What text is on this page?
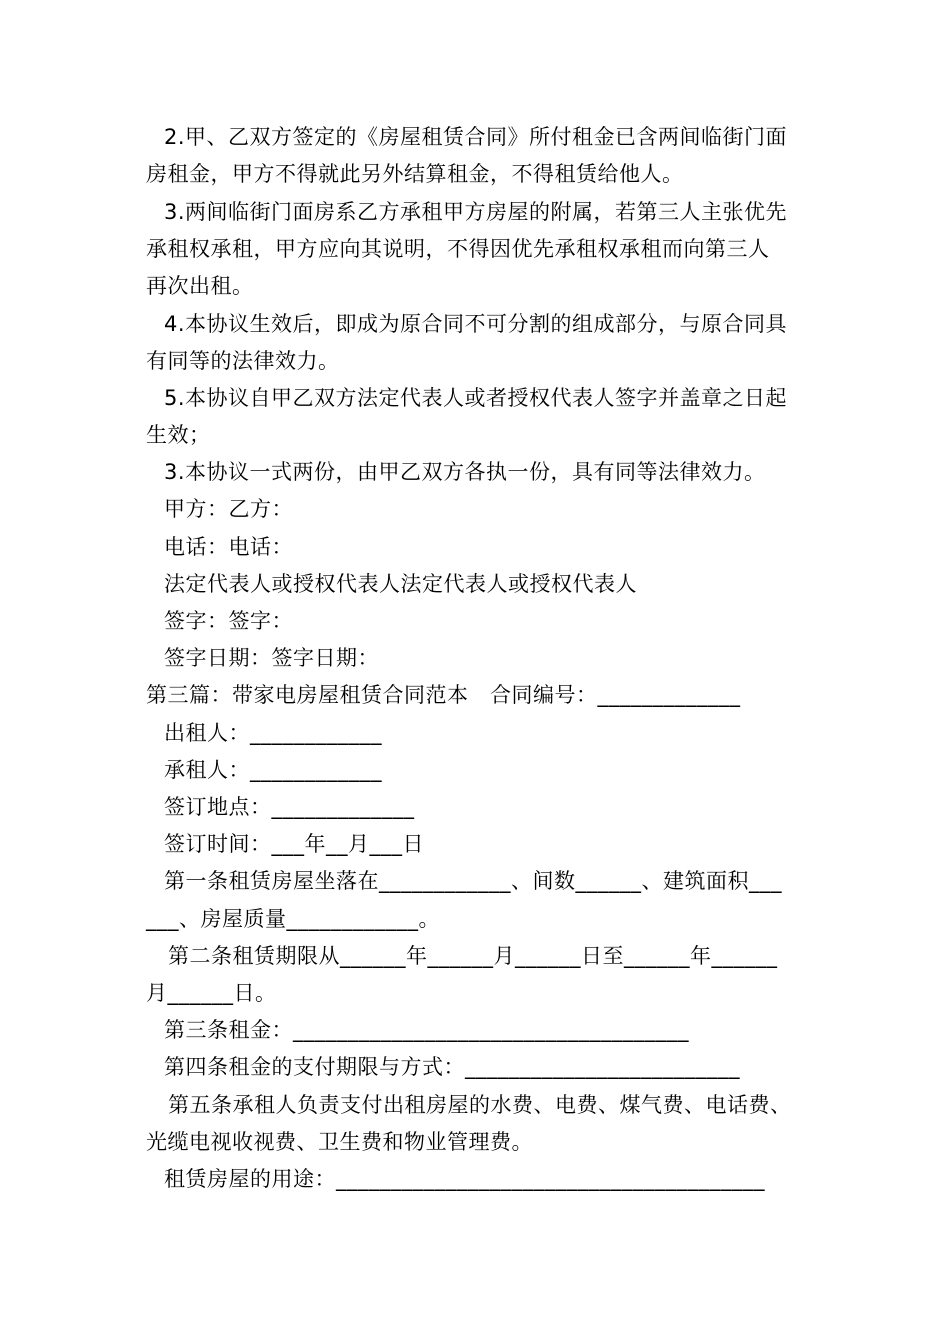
2.甲、乙双方签定的《房屋租赁合同》所付租金已含两间临街门面
房租金，甲方不得就此另外结算租金，不得租赁给他人。
3.两间临街门面房系乙方承租甲方房屋的附属，若第三人主张优先
承租权承租，甲方应向其说明，不得因优先承租权承租而向第三人
再次出租。
4.本协议生效后，即成为原合同不可分割的组成部分，与原合同具
有同等的法律效力。
5.本协议自甲乙双方法定代表人或者授权代表人签字并盖章之日起
生效；
3.本协议一式两份，由甲乙双方各执一份，具有同等法律效力。
甲方：乙方：
电话：电话：
法定代表人或授权代表人法定代表人或授权代表人
签字：签字：
签字日期：签字日期：
第三篇：带家电房屋租赁合同范本　合同编号：_____________
出租人：____________
承租人：____________
签订地点：_____________
签订时间：___年__月___日
第一条租赁房屋坐落在____________、间数______、建筑面积___
___、房屋质量____________。
第二条租赁期限从______年______月______日至______年______
月______日。
第三条租金：____________________________________
第四条租金的支付期限与方式：_________________________
第五条承租人负责支付出租房屋的水费、电费、煤气费、电话费、
光缆电视收视费、卫生费和物业管理费。
租赁房屋的用途：_______________________________________
